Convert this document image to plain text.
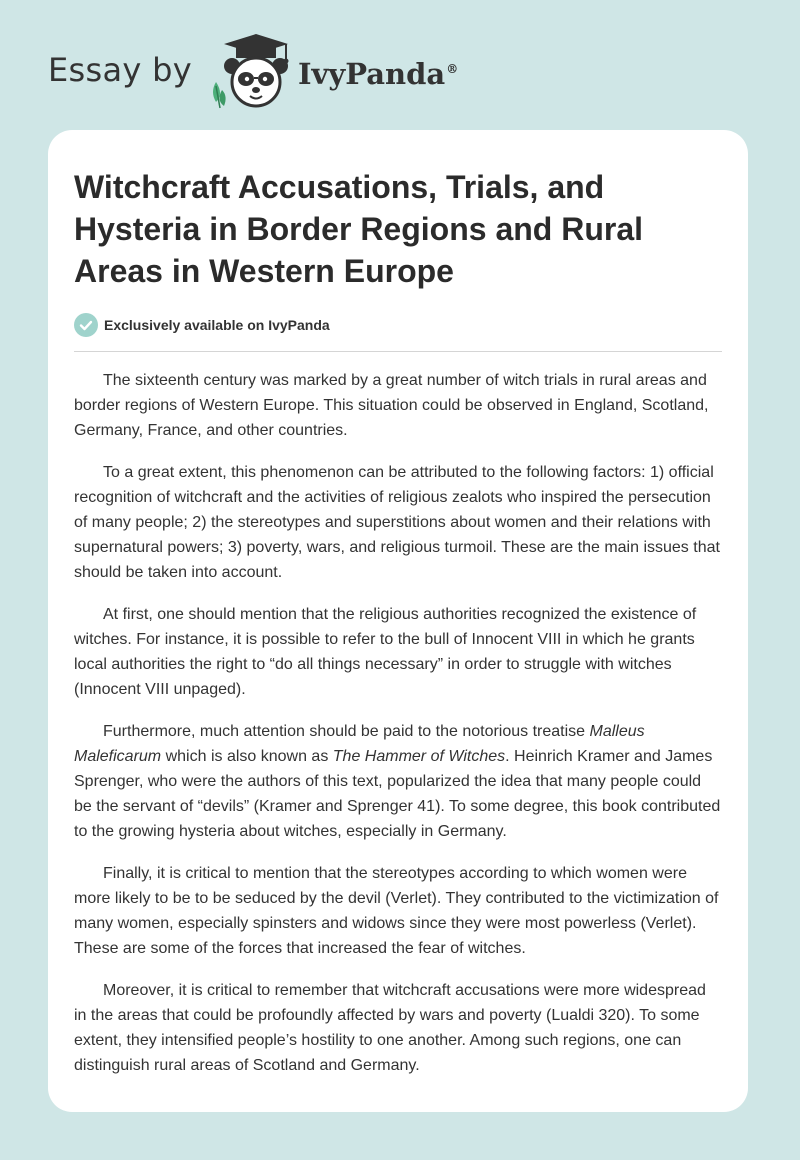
Essay by	IvyPanda®
Witchcraft Accusations, Trials, and Hysteria in Border Regions and Rural Areas in Western Europe
Exclusively available on IvyPanda

The sixteenth century was marked by a great number of witch trials in rural areas and border regions of Western Europe. This situation could be observed in England, Scotland, Germany, France, and other countries.

To a great extent, this phenomenon can be attributed to the following factors: 1) official recognition of witchcraft and the activities of religious zealots who inspired the persecution of many people; 2) the stereotypes and superstitions about women and their relations with supernatural powers; 3) poverty, wars, and religious turmoil. These are the main issues that should be taken into account.

At first, one should mention that the religious authorities recognized the existence of witches. For instance, it is possible to refer to the bull of Innocent VIII in which he grants local authorities the right to “do all things necessary” in order to struggle with witches (Innocent VIII unpaged).

Furthermore, much attention should be paid to the notorious treatise Malleus Maleficarum which is also known as The Hammer of Witches. Heinrich Kramer and James Sprenger, who were the authors of this text, popularized the idea that many people could be the servant of “devils” (Kramer and Sprenger 41). To some degree, this book contributed to the growing hysteria about witches, especially in Germany.

Finally, it is critical to mention that the stereotypes according to which women were more likely to be to be seduced by the devil (Verlet). They contributed to the victimization of many women, especially spinsters and widows since they were most powerless (Verlet). These are some of the forces that increased the fear of witches.

Moreover, it is critical to remember that witchcraft accusations were more widespread in the areas that could be profoundly affected by wars and poverty (Lualdi 320). To some extent, they intensified people’s hostility to one another. Among such regions, one can distinguish rural areas of Scotland and Germany.
